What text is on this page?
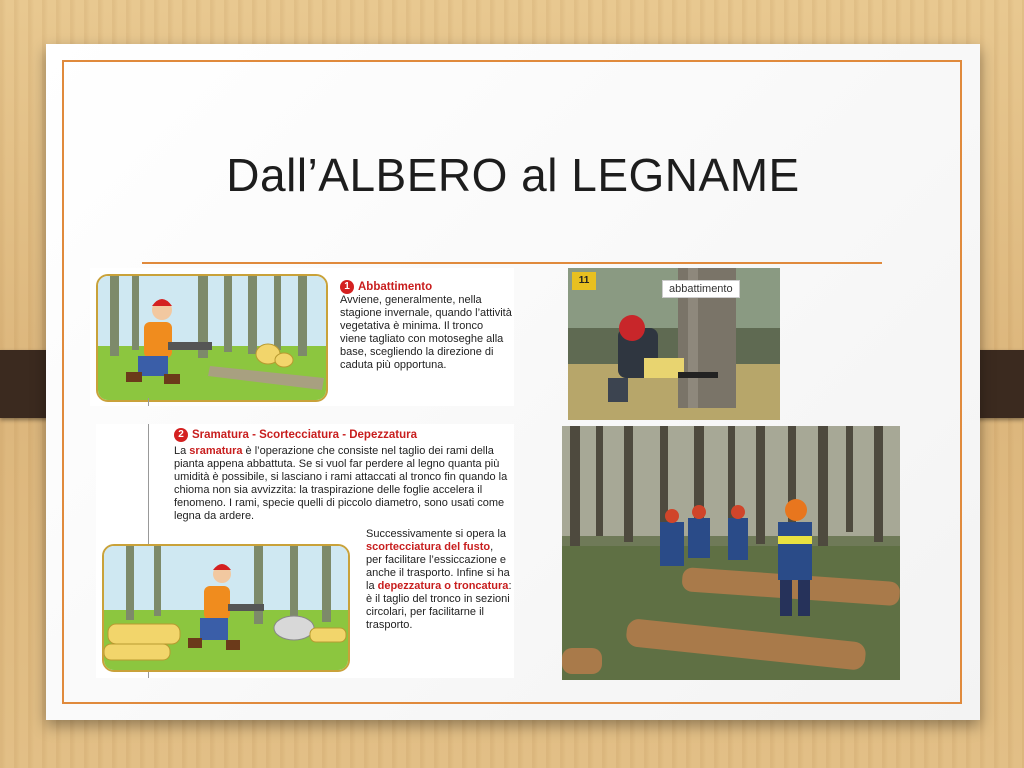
Dall’ALBERO al LEGNAME
1 Abbattimento
Avviene, generalmente, nella stagione invernale, quando l’attività vegetativa è minima. Il tronco viene tagliato con motoseghe alla base, scegliendo la direzione di caduta più opportuna.
2 Sramatura - Scortecciatura - Depezzatura
La sramatura è l’operazione che consiste nel taglio dei rami della pianta appena abbattuta. Se si vuol far perdere al legno quanta più umidità è possibile, si lasciano i rami attaccati al tronco fin quando la chioma non sia avvizzita: la traspirazione delle foglie accelera il fenomeno. I rami, specie quelli di piccolo diametro, sono usati come legna da ardere.
Successivamente si opera la scortecciatura del fusto, per facilitare l’essiccazione e anche il trasporto. Infine si ha la depezzatura o troncatura: è il taglio del tronco in sezioni circolari, per facilitarne il trasporto.
11
abbattimento
